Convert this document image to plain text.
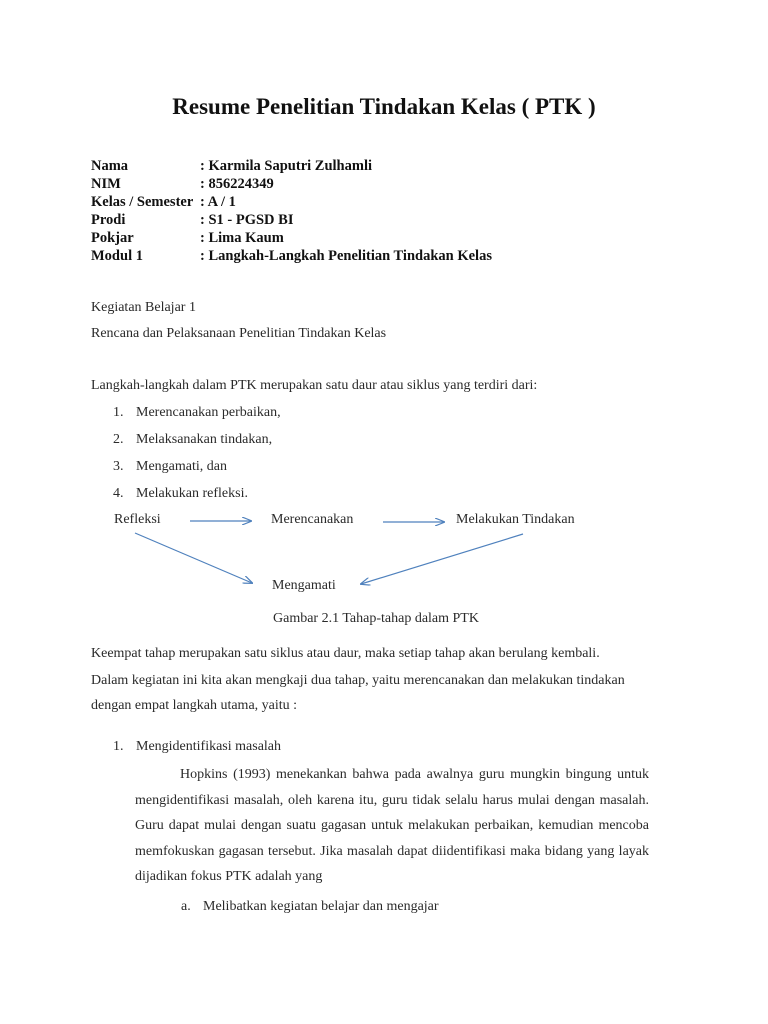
Resume Penelitian Tindakan Kelas ( PTK )
Nama	: Karmila Saputri Zulhamli
NIM	: 856224349
Kelas / Semester : A / 1
Prodi	: S1 - PGSD BI
Pokjar	: Lima Kaum
Modul 1	: Langkah-Langkah Penelitian Tindakan Kelas
Kegiatan Belajar 1
Rencana dan Pelaksanaan Penelitian Tindakan Kelas
Langkah-langkah dalam PTK merupakan satu daur atau siklus yang terdiri dari:
1. Merencanakan perbaikan,
2. Melaksanakan tindakan,
3. Mengamati, dan
4. Melakukan refleksi.
Refleksi	Merencanakan	Melakukan Tindakan
Mengamati
Gambar 2.1 Tahap-tahap dalam PTK
Keempat tahap merupakan satu siklus atau daur, maka setiap tahap akan berulang kembali.
Dalam kegiatan ini kita akan mengkaji dua tahap, yaitu merencanakan dan melakukan tindakan
dengan empat langkah utama, yaitu :
1. Mengidentifikasi masalah
Hopkins (1993) menekankan bahwa pada awalnya guru mungkin bingung untuk mengidentifikasi masalah, oleh karena itu, guru tidak selalu harus mulai dengan masalah. Guru dapat mulai dengan suatu gagasan untuk melakukan perbaikan, kemudian mencoba memfokuskan gagasan tersebut. Jika masalah dapat diidentifikasi maka bidang yang layak dijadikan fokus PTK adalah yang
a. Melibatkan kegiatan belajar dan mengajar
